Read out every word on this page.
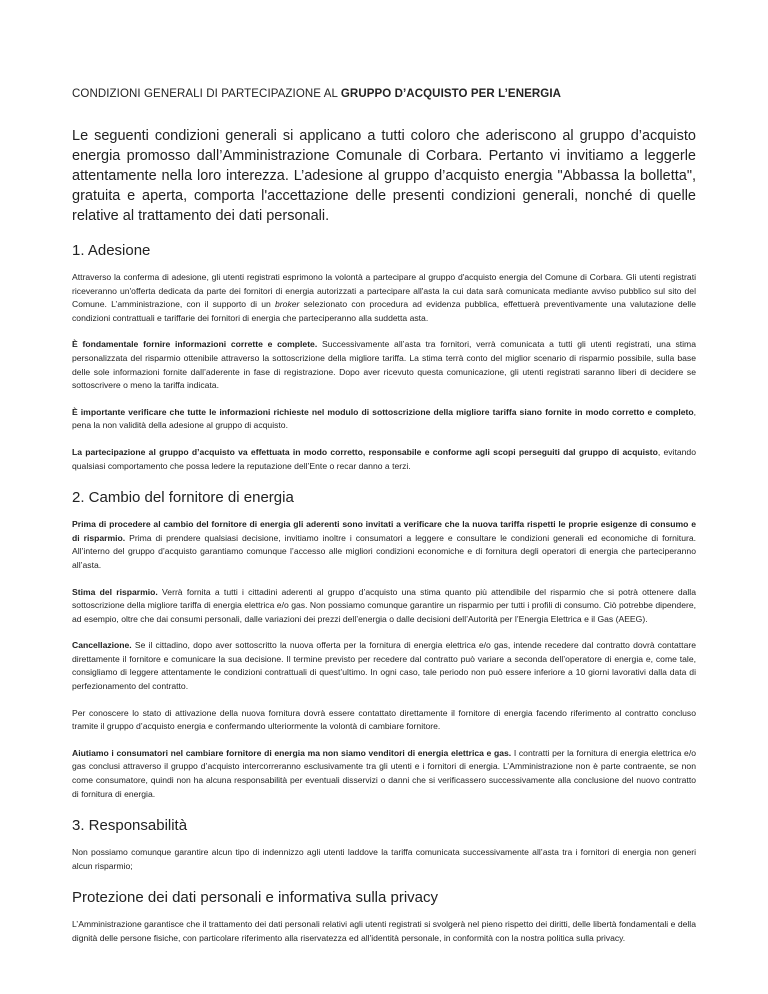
CONDIZIONI GENERALI DI PARTECIPAZIONE AL GRUPPO D’ACQUISTO PER L’ENERGIA

Le seguenti condizioni generali si applicano a tutti coloro che aderiscono al gruppo d’acquisto energia promosso dall’Amministrazione Comunale di Corbara. Pertanto vi invitiamo a leggerle attentamente nella loro interezza. L’adesione al gruppo d’acquisto energia "Abbassa la bolletta", gratuita e aperta, comporta l'accettazione delle presenti condizioni generali, nonché di quelle relative al trattamento dei dati personali.

1. Adesione

Attraverso la conferma di adesione, gli utenti registrati esprimono la volontà a partecipare al gruppo d'acquisto energia del Comune di Corbara. Gli utenti registrati riceveranno un'offerta dedicata da parte dei fornitori di energia autorizzati a partecipare all'asta la cui data sarà comunicata mediante avviso pubblico sul sito del Comune. L’amministrazione, con il supporto di un broker selezionato con procedura ad evidenza pubblica, effettuerà preventivamente una valutazione delle condizioni contrattuali e tariffarie dei fornitori di energia che parteciperanno alla suddetta asta.

È fondamentale fornire informazioni corrette e complete. Successivamente all’asta tra fornitori, verrà comunicata a tutti gli utenti registrati, una stima personalizzata del risparmio ottenibile attraverso la sottoscrizione della migliore tariffa. La stima terrà conto del miglior scenario di risparmio possibile, sulla base delle sole informazioni fornite dall’aderente in fase di registrazione. Dopo aver ricevuto questa comunicazione, gli utenti registrati saranno liberi di decidere se sottoscrivere o meno la tariffa indicata.

È importante verificare che tutte le informazioni richieste nel modulo di sottoscrizione della migliore tariffa siano fornite in modo corretto e completo, pena la non validità della adesione al gruppo di acquisto.

La partecipazione al gruppo d’acquisto va effettuata in modo corretto, responsabile e conforme agli scopi perseguiti dal gruppo di acquisto, evitando qualsiasi comportamento che possa ledere la reputazione dell’Ente o recar danno a terzi.

2. Cambio del fornitore di energia

Prima di procedere al cambio del fornitore di energia gli aderenti sono invitati a verificare che la nuova tariffa rispetti le proprie esigenze di consumo e di risparmio. Prima di prendere qualsiasi decisione, invitiamo inoltre i consumatori a leggere e consultare le condizioni generali ed economiche di fornitura. All’interno del gruppo d’acquisto garantiamo comunque l’accesso alle migliori condizioni economiche e di fornitura degli operatori di energia che parteciperanno all’asta.

Stima del risparmio. Verrà fornita a tutti i cittadini aderenti al gruppo d’acquisto una stima quanto più attendibile del risparmio che si potrà ottenere dalla sottoscrizione della migliore tariffa di energia elettrica e/o gas. Non possiamo comunque garantire un risparmio per tutti i profili di consumo. Ciò potrebbe dipendere, ad esempio, oltre che dai consumi personali, dalle variazioni dei prezzi dell’energia o dalle decisioni dell’Autorità per l’Energia Elettrica e il Gas (AEEG).

Cancellazione. Se il cittadino, dopo aver sottoscritto la nuova offerta per la fornitura di energia elettrica e/o gas, intende recedere dal contratto dovrà contattare direttamente il fornitore e comunicare la sua decisione. Il termine previsto per recedere dal contratto può variare a seconda dell’operatore di energia e, come tale, consigliamo di leggere attentamente le condizioni contrattuali di quest’ultimo. In ogni caso, tale periodo non può essere inferiore a 10 giorni lavorativi dalla data di perfezionamento del contratto.

Per conoscere lo stato di attivazione della nuova fornitura dovrà essere contattato direttamente il fornitore di energia facendo riferimento al contratto concluso tramite il gruppo d’acquisto energia e confermando ulteriormente la volontà di cambiare fornitore.

Aiutiamo i consumatori nel cambiare fornitore di energia ma non siamo venditori di energia elettrica e gas. I contratti per la fornitura di energia elettrica e/o gas conclusi attraverso il gruppo d’acquisto intercorreranno esclusivamente tra gli utenti e i fornitori di energia. L’Amministrazione non è parte contraente, se non come consumatore, quindi non ha alcuna responsabilità per eventuali disservizi o danni che si verificassero successivamente alla conclusione del nuovo contratto di fornitura di energia.

3. Responsabilità

Non possiamo comunque garantire alcun tipo di indennizzo agli utenti laddove la tariffa comunicata successivamente all’asta tra i fornitori di energia non generi alcun risparmio;

Protezione dei dati personali e informativa sulla privacy

L’Amministrazione garantisce che il trattamento dei dati personali relativi agli utenti registrati si svolgerà nel pieno rispetto dei diritti, delle libertà fondamentali e della dignità delle persone fisiche, con particolare riferimento alla riservatezza ed all'identità personale, in conformità con la nostra politica sulla privacy.
